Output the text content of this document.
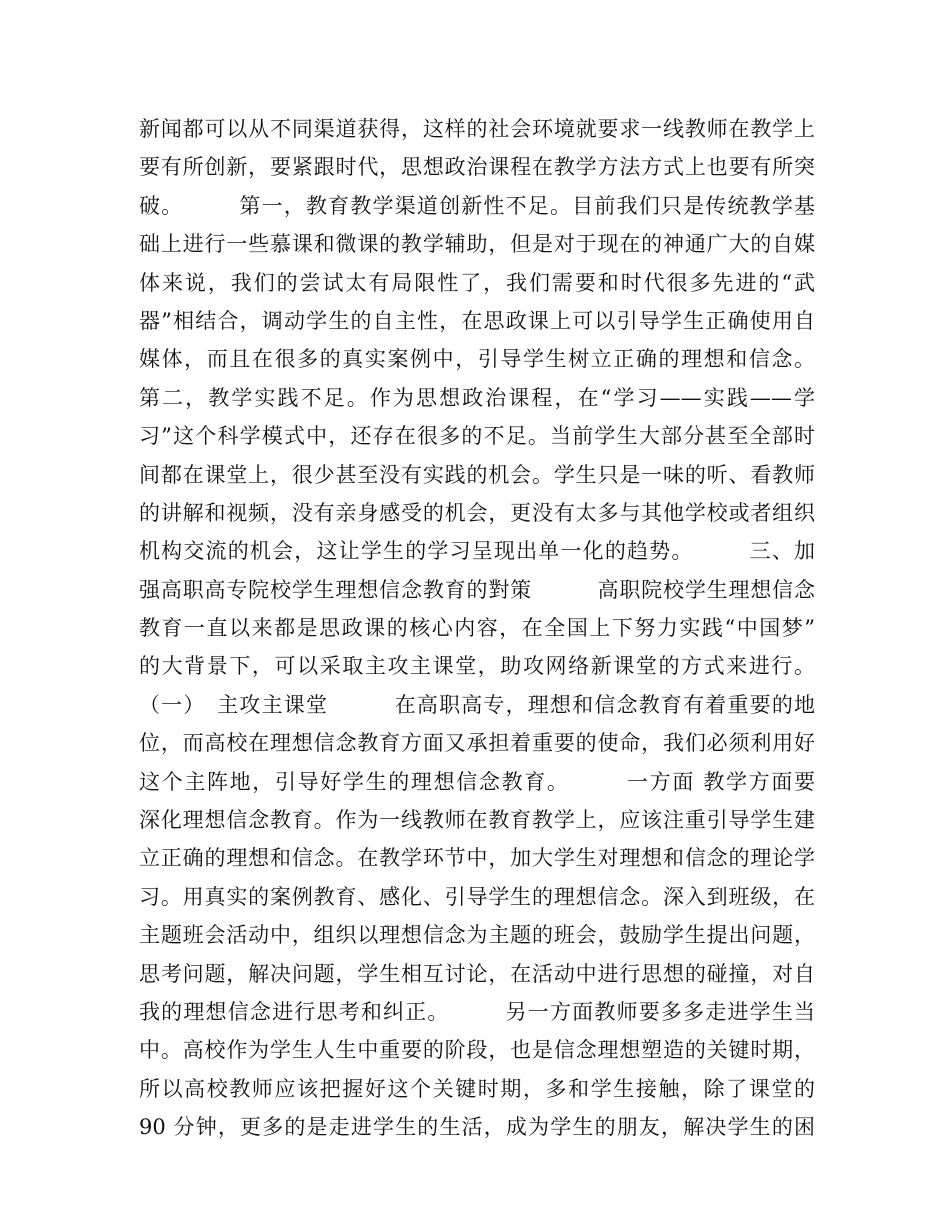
新闻都可以从不同渠道获得，这样的社会环境就要求一线教师在教学上
要有所创新，要紧跟时代，思想政治课程在教学方法方式上也要有所突
破。　　　第一，教育教学渠道创新性不足。目前我们只是传统教学基
础上进行一些慕课和微课的教学辅助，但是对于现在的神通广大的自媒
体来说，我们的尝试太有局限性了，我们需要和时代很多先进的“武
器”相结合，调动学生的自主性，在思政课上可以引导学生正确使用自
媒体，而且在很多的真实案例中，引导学生树立正确的理想和信念。
第二，教学实践不足。作为思想政治课程，在“学习——实践——学
习”这个科学模式中，还存在很多的不足。当前学生大部分甚至全部时
间都在课堂上，很少甚至没有实践的机会。学生只是一味的听、看教师
的讲解和视频，没有亲身感受的机会，更没有太多与其他学校或者组织
机构交流的机会，这让学生的学习呈现出单一化的趋势。　　　三、加
强高职高专院校学生理想信念教育的對策　　　高职院校学生理想信念
教育一直以来都是思政课的核心内容，在全国上下努力实践“中国梦”
的大背景下，可以采取主攻主课堂，助攻网络新课堂的方式来进行。
（一）　主攻主课堂　　　在高职高专，理想和信念教育有着重要的地
位，而高校在理想信念教育方面又承担着重要的使命，我们必须利用好
这个主阵地，引导好学生的理想信念教育。　　　一方面 教学方面要
深化理想信念教育。作为一线教师在教育教学上，应该注重引导学生建
立正确的理想和信念。在教学环节中，加大学生对理想和信念的理论学
习。用真实的案例教育、感化、引导学生的理想信念。深入到班级，在
主题班会活动中，组织以理想信念为主题的班会，鼓励学生提出问题，
思考问题，解决问题，学生相互讨论，在活动中进行思想的碰撞，对自
我的理想信念进行思考和纠正。　　　另一方面教师要多多走进学生当
中。高校作为学生人生中重要的阶段，也是信念理想塑造的关键时期，
所以高校教师应该把握好这个关键时期，多和学生接触，除了课堂的
90 分钟，更多的是走进学生的生活，成为学生的朋友，解决学生的困
